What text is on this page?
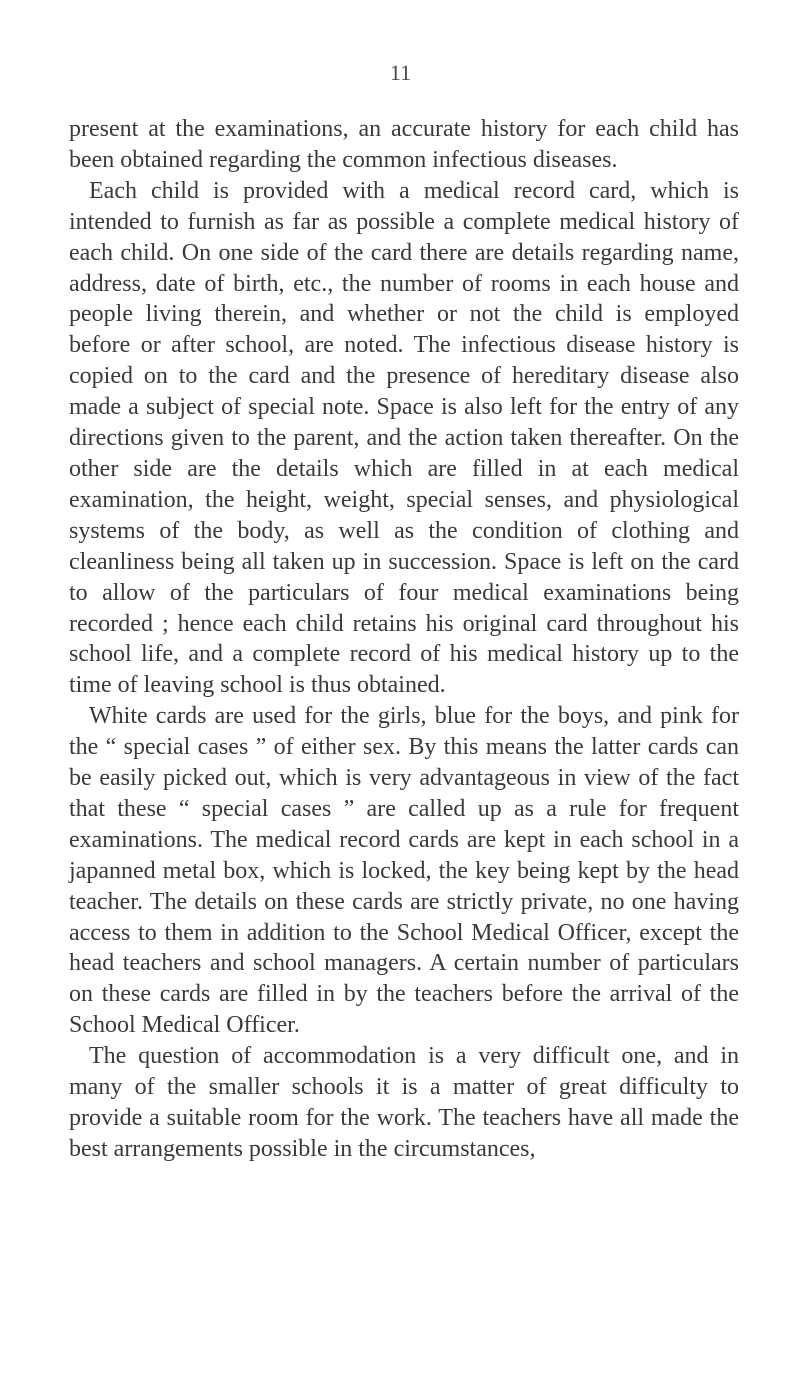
11

present at the examinations, an accurate history for each child has been obtained regarding the common infectious diseases.

Each child is provided with a medical record card, which is intended to furnish as far as possible a complete medical history of each child. On one side of the card there are details regarding name, address, date of birth, etc., the number of rooms in each house and people living therein, and whether or not the child is employed before or after school, are noted. The infectious disease history is copied on to the card and the presence of hereditary disease also made a subject of special note. Space is also left for the entry of any directions given to the parent, and the action taken thereafter. On the other side are the details which are filled in at each medical examination, the height, weight, special senses, and physiological systems of the body, as well as the condition of clothing and cleanliness being all taken up in succession. Space is left on the card to allow of the particulars of four medical examinations being recorded ; hence each child retains his original card throughout his school life, and a complete record of his medical history up to the time of leaving school is thus obtained.

White cards are used for the girls, blue for the boys, and pink for the “ special cases ” of either sex. By this means the latter cards can be easily picked out, which is very advantageous in view of the fact that these “ special cases ” are called up as a rule for frequent examinations. The medical record cards are kept in each school in a japanned metal box, which is locked, the key being kept by the head teacher. The details on these cards are strictly private, no one having access to them in addition to the School Medical Officer, except the head teachers and school managers. A certain number of particulars on these cards are filled in by the teachers before the arrival of the School Medical Officer.

The question of accommodation is a very difficult one, and in many of the smaller schools it is a matter of great difficulty to provide a suitable room for the work. The teachers have all made the best arrangements possible in the circumstances,
